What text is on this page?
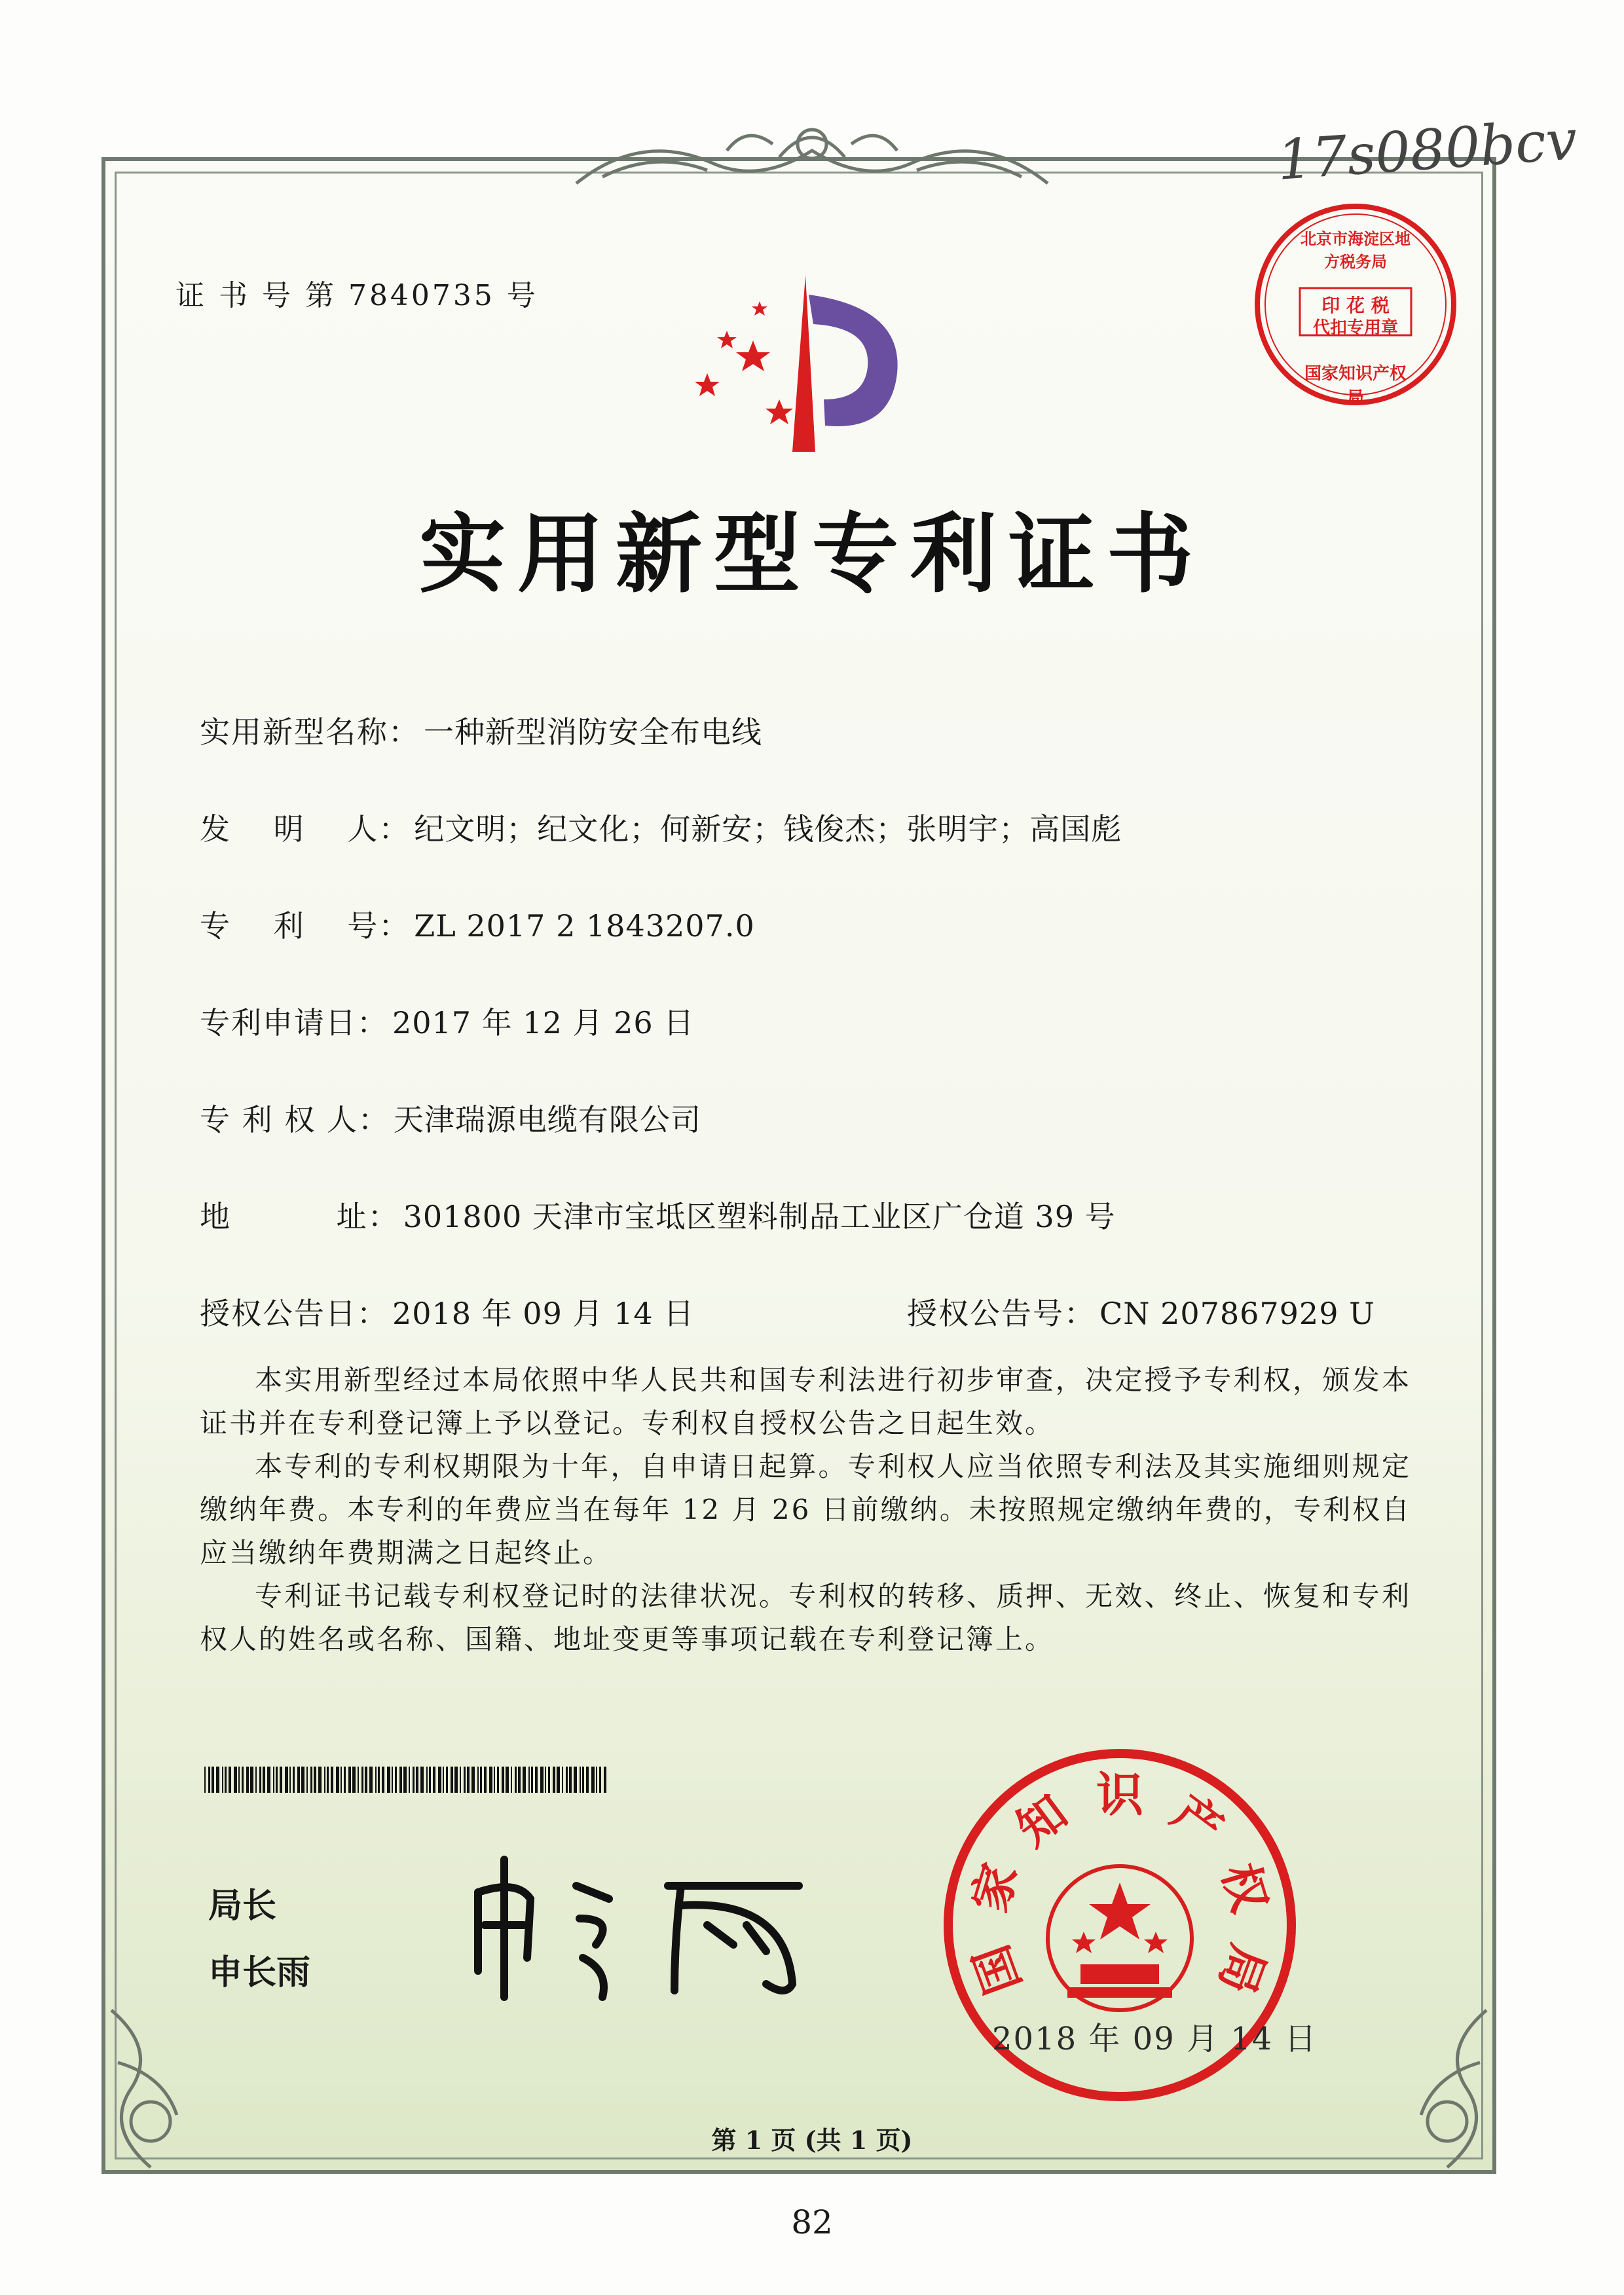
17s080bcv
北京市海淀区地方税务局
印 花 税
代扣专用章
国家知识产权局
证 书 号 第 7840735 号
实用新型专利证书
实用新型名称： 一种新型消防安全布电线
发　 明　 人： 纪文明；纪文化；何新安；钱俊杰；张明宇；高国彪
专　 利　 号： ZL 2017 2 1843207.0
专利申请日： 2017 年 12 月 26 日
专 利 权 人： 天津瑞源电缆有限公司
地　　　 址： 301800 天津市宝坻区塑料制品工业区广仓道 39 号
授权公告日： 2018 年 09 月 14 日	授权公告号： CN 207867929 U

本实用新型经过本局依照中华人民共和国专利法进行初步审查，决定授予专利权，颁发本证书并在专利登记簿上予以登记。专利权自授权公告之日起生效。

本专利的专利权期限为十年，自申请日起算。专利权人应当依照专利法及其实施细则规定缴纳年费。本专利的年费应当在每年 12 月 26 日前缴纳。未按照规定缴纳年费的，专利权自应当缴纳年费期满之日起终止。

专利证书记载专利权登记时的法律状况。专利权的转移、质押、无效、终止、恢复和专利权人的姓名或名称、国籍、地址变更等事项记载在专利登记簿上。

局长
申长雨	国
家
知 识 产
权
局
2018 年 09 月 14 日
第 1 页 (共 1 页)
82
